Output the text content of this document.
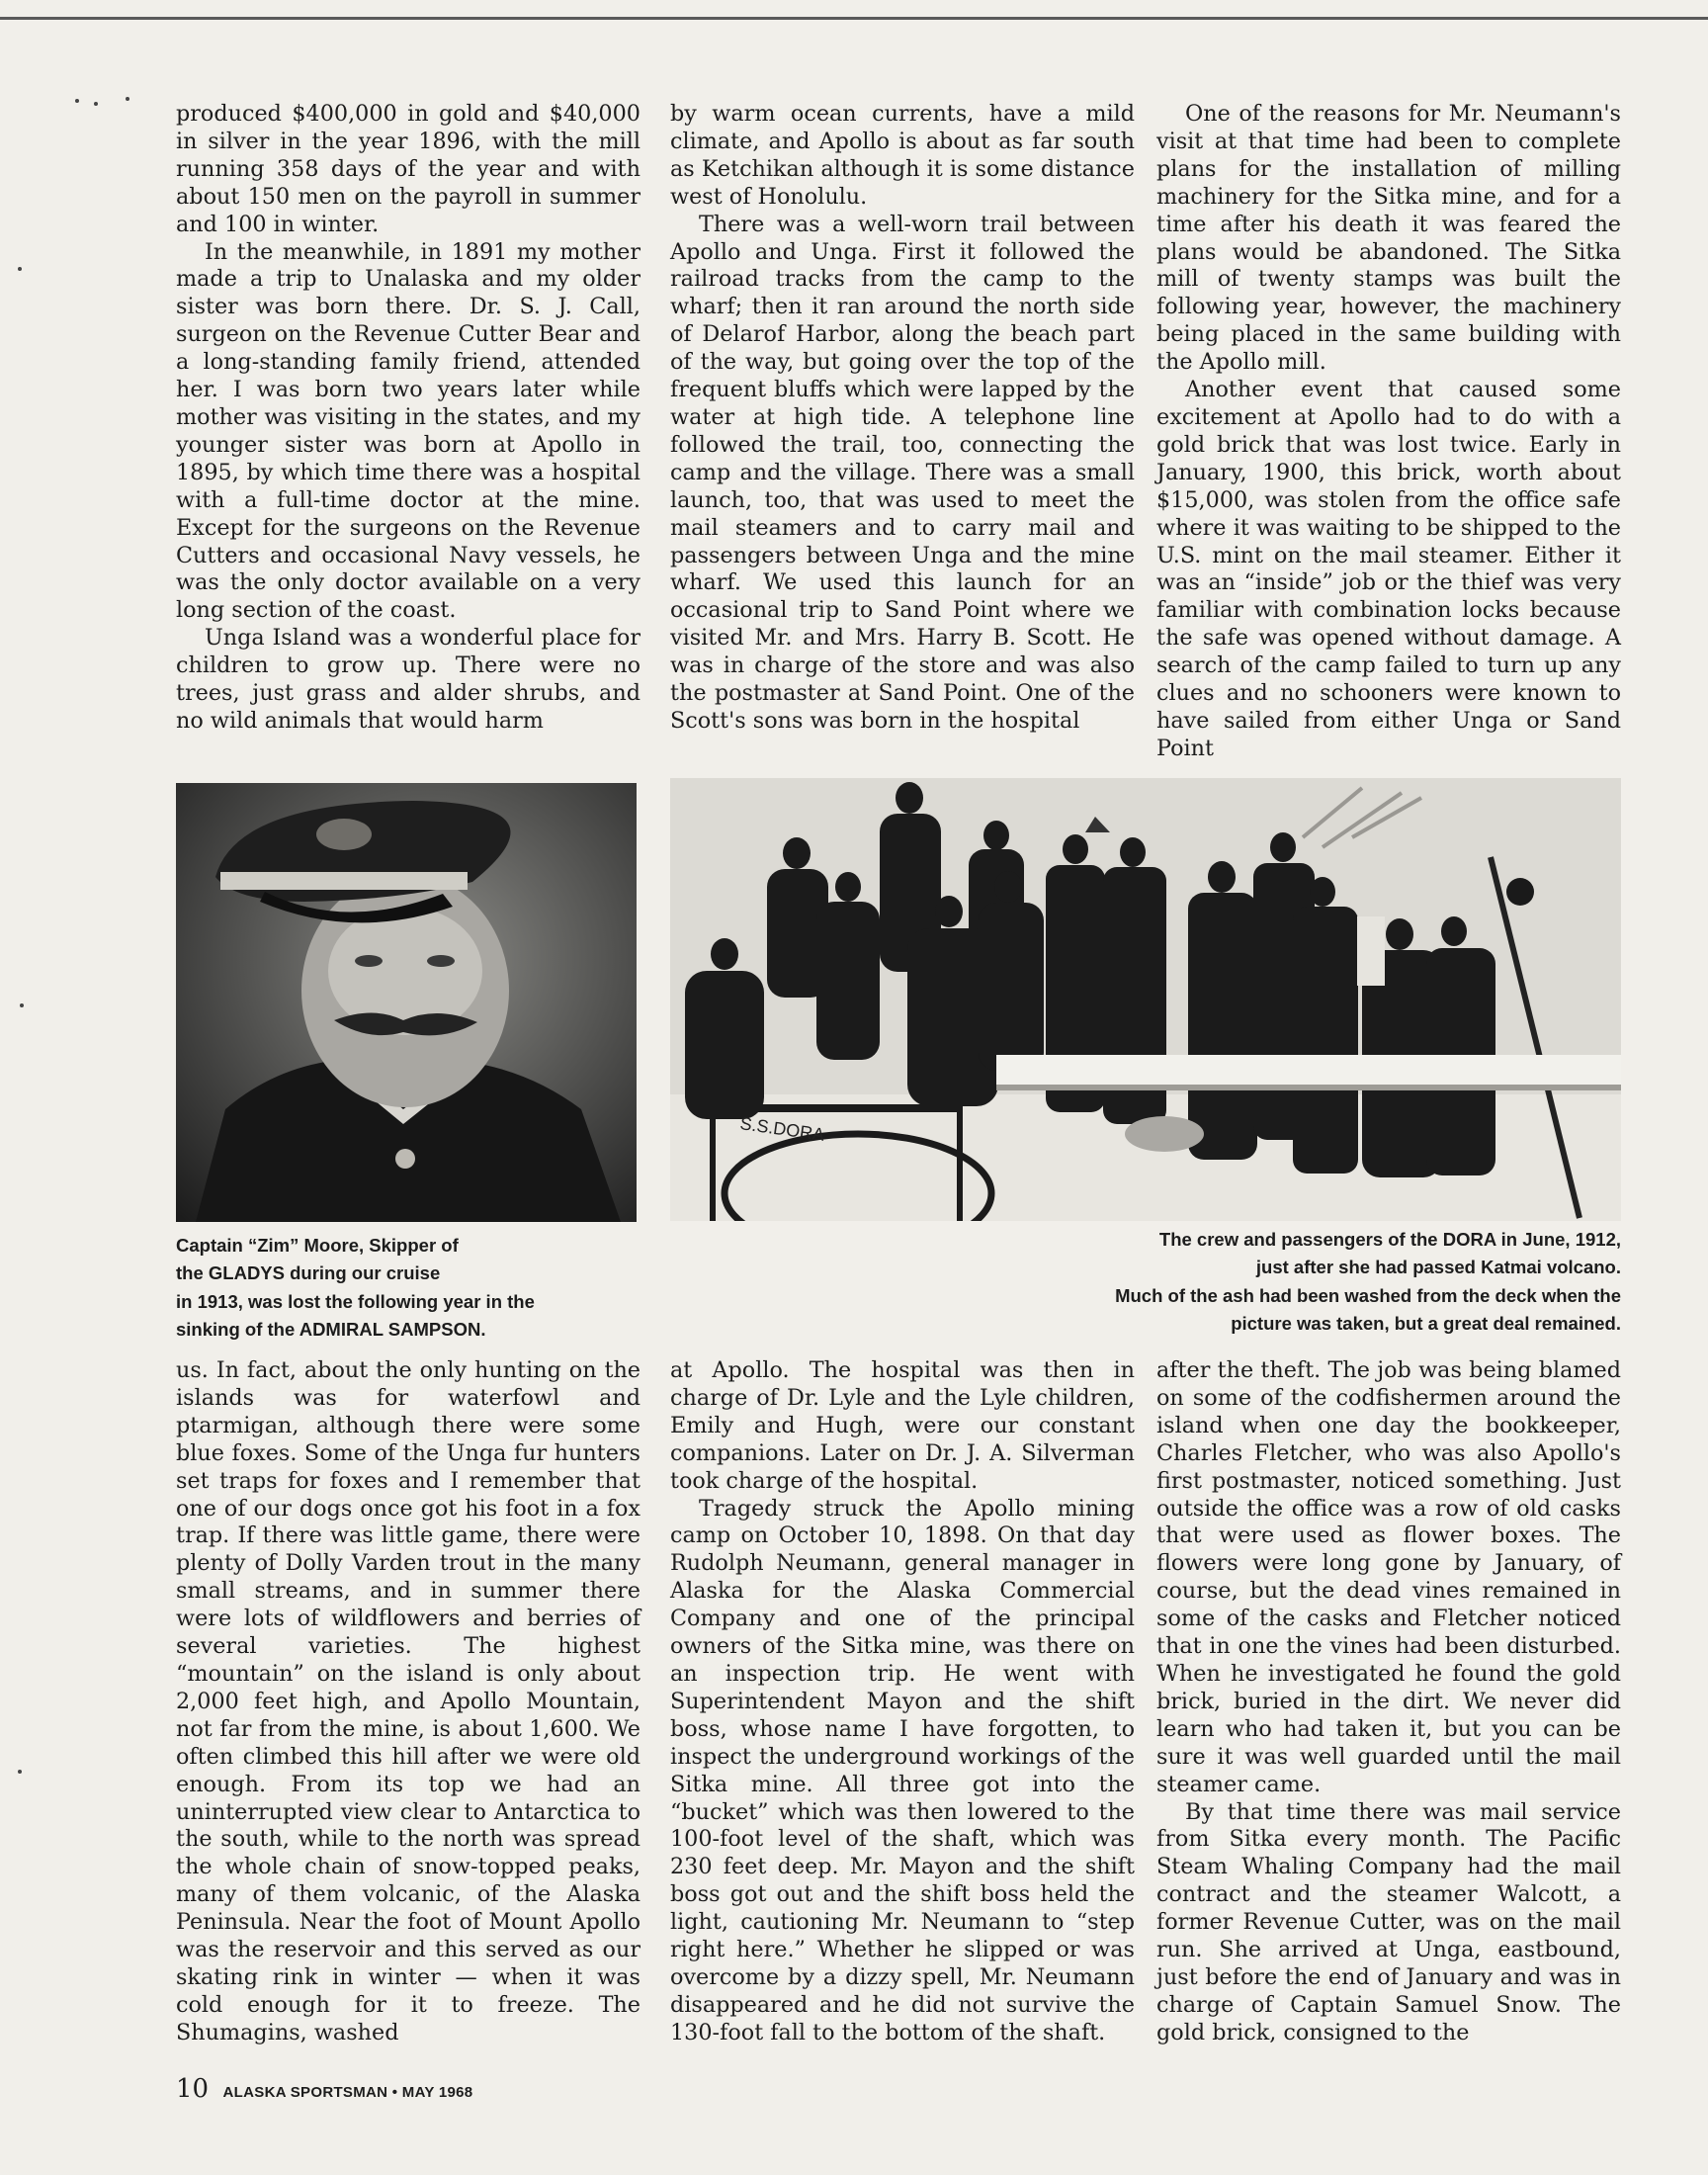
produced $400,000 in gold and $40,000 in silver in the year 1896, with the mill running 358 days of the year and with about 150 men on the payroll in summer and 100 in winter.

In the meanwhile, in 1891 my mother made a trip to Unalaska and my older sister was born there. Dr. S. J. Call, surgeon on the Revenue Cutter Bear and a long-standing family friend, attended her. I was born two years later while mother was visiting in the states, and my younger sister was born at Apollo in 1895, by which time there was a hospital with a full-time doctor at the mine. Except for the surgeons on the Revenue Cutters and occasional Navy vessels, he was the only doctor available on a very long section of the coast.

Unga Island was a wonderful place for children to grow up. There were no trees, just grass and alder shrubs, and no wild animals that would harm

by warm ocean currents, have a mild climate, and Apollo is about as far south as Ketchikan although it is some distance west of Honolulu.

There was a well-worn trail between Apollo and Unga. First it followed the railroad tracks from the camp to the wharf; then it ran around the north side of Delarof Harbor, along the beach part of the way, but going over the top of the frequent bluffs which were lapped by the water at high tide. A telephone line followed the trail, too, connecting the camp and the village. There was a small launch, too, that was used to meet the mail steamers and to carry mail and passengers between Unga and the mine wharf. We used this launch for an occasional trip to Sand Point where we visited Mr. and Mrs. Harry B. Scott. He was in charge of the store and was also the postmaster at Sand Point. One of the Scott's sons was born in the hospital

One of the reasons for Mr. Neumann's visit at that time had been to complete plans for the installation of milling machinery for the Sitka mine, and for a time after his death it was feared the plans would be abandoned. The Sitka mill of twenty stamps was built the following year, however, the machinery being placed in the same building with the Apollo mill.

Another event that caused some excitement at Apollo had to do with a gold brick that was lost twice. Early in January, 1900, this brick, worth about $15,000, was stolen from the office safe where it was waiting to be shipped to the U.S. mint on the mail steamer. Either it was an “inside” job or the thief was very familiar with combination locks because the safe was opened without damage. A search of the camp failed to turn up any clues and no schooners were known to have sailed from either Unga or Sand Point

S.S.DORA
Captain “Zim” Moore, Skipper of
the GLADYS during our cruise
in 1913, was lost the following year in the
sinking of the ADMIRAL SAMPSON.
The crew and passengers of the DORA in June, 1912,
just after she had passed Katmai volcano.
Much of the ash had been washed from the deck when the
picture was taken, but a great deal remained.

us. In fact, about the only hunting on the islands was for waterfowl and ptarmigan, although there were some blue foxes. Some of the Unga fur hunters set traps for foxes and I remember that one of our dogs once got his foot in a fox trap. If there was little game, there were plenty of Dolly Varden trout in the many small streams, and in summer there were lots of wildflowers and berries of several varieties. The highest “mountain” on the island is only about 2,000 feet high, and Apollo Mountain, not far from the mine, is about 1,600. We often climbed this hill after we were old enough. From its top we had an uninterrupted view clear to Antarctica to the south, while to the north was spread the whole chain of snow-topped peaks, many of them volcanic, of the Alaska Peninsula. Near the foot of Mount Apollo was the reservoir and this served as our skating rink in winter — when it was cold enough for it to freeze. The Shumagins, washed

at Apollo. The hospital was then in charge of Dr. Lyle and the Lyle children, Emily and Hugh, were our constant companions. Later on Dr. J. A. Silverman took charge of the hospital.

Tragedy struck the Apollo mining camp on October 10, 1898. On that day Rudolph Neumann, general manager in Alaska for the Alaska Commercial Company and one of the principal owners of the Sitka mine, was there on an inspection trip. He went with Superintendent Mayon and the shift boss, whose name I have forgotten, to inspect the underground workings of the Sitka mine. All three got into the “bucket” which was then lowered to the 100-foot level of the shaft, which was 230 feet deep. Mr. Mayon and the shift boss got out and the shift boss held the light, cautioning Mr. Neumann to “step right here.” Whether he slipped or was overcome by a dizzy spell, Mr. Neumann disappeared and he did not survive the 130-foot fall to the bottom of the shaft.

after the theft. The job was being blamed on some of the codfishermen around the island when one day the bookkeeper, Charles Fletcher, who was also Apollo's first postmaster, noticed something. Just outside the office was a row of old casks that were used as flower boxes. The flowers were long gone by January, of course, but the dead vines remained in some of the casks and Fletcher noticed that in one the vines had been disturbed. When he investigated he found the gold brick, buried in the dirt. We never did learn who had taken it, but you can be sure it was well guarded until the mail steamer came.

By that time there was mail service from Sitka every month. The Pacific Steam Whaling Company had the mail contract and the steamer Walcott, a former Revenue Cutter, was on the mail run. She arrived at Unga, eastbound, just before the end of January and was in charge of Captain Samuel Snow. The gold brick, consigned to the

10 ALASKA SPORTSMAN • MAY 1968
